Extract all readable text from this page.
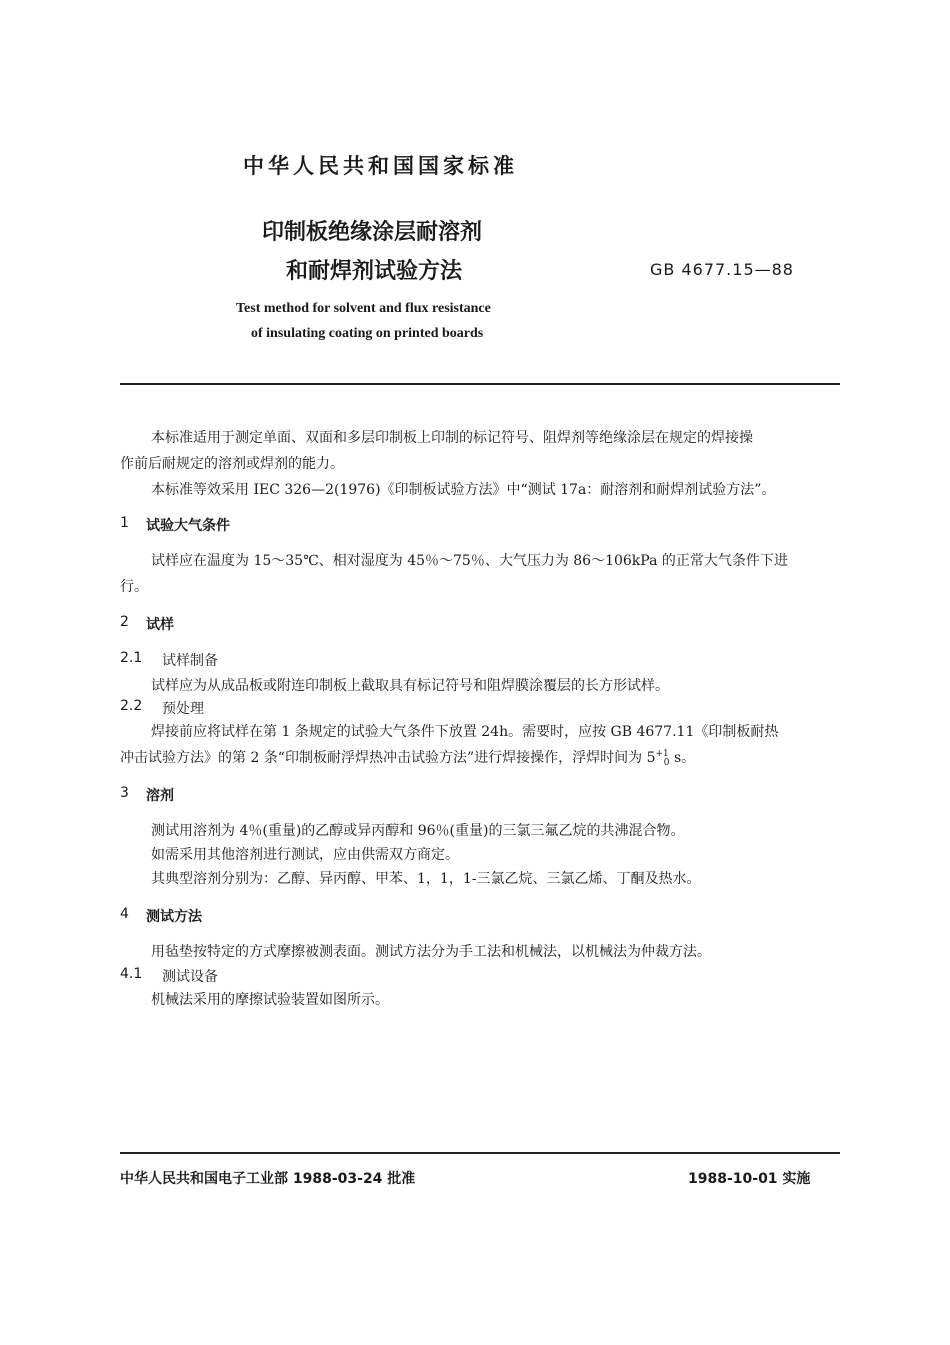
中华人民共和国国家标准
印制板绝缘涂层耐溶剂
和耐焊剂试验方法	GB 4677.15—88
Test method for solvent and flux resistance
of insulating coating on printed boards
本标准适用于测定单面、双面和多层印制板上印制的标记符号、阻焊剂等绝缘涂层在规定的焊接操
作前后耐规定的溶剂或焊剂的能力。
本标准等效采用 IEC 326—2(1976)《印制板试验方法》中“测试 17a：耐溶剂和耐焊剂试验方法”。
1 试验大气条件
试样应在温度为 15～35℃、相对湿度为 45％～75％、大气压力为 86～106kPa 的正常大气条件下进
行。
2 试样
2.1 试样制备
试样应为从成品板或附连印制板上截取具有标记符号和阻焊膜涂覆层的长方形试样。
2.2 预处理
焊接前应将试样在第 1 条规定的试验大气条件下放置 24h。需要时，应按 GB 4677.11《印制板耐热
冲击试验方法》的第 2 条“印制板耐浮焊热冲击试验方法”进行焊接操作，浮焊时间为 $5^{+1}_0$ s。
3 溶剂
测试用溶剂为 4％(重量)的乙醇或异丙醇和 96％(重量)的三氯三氟乙烷的共沸混合物。
如需采用其他溶剂进行测试，应由供需双方商定。
其典型溶剂分别为：乙醇、异丙醇、甲苯、1，1，1-三氯乙烷、三氯乙烯、丁酮及热水。
4 测试方法
用毡垫按特定的方式摩擦被测表面。测试方法分为手工法和机械法，以机械法为仲裁方法。
4.1 测试设备
机械法采用的摩擦试验装置如图所示。
中华人民共和国电子工业部 1988-03-24 批准	1988-10-01 实施
